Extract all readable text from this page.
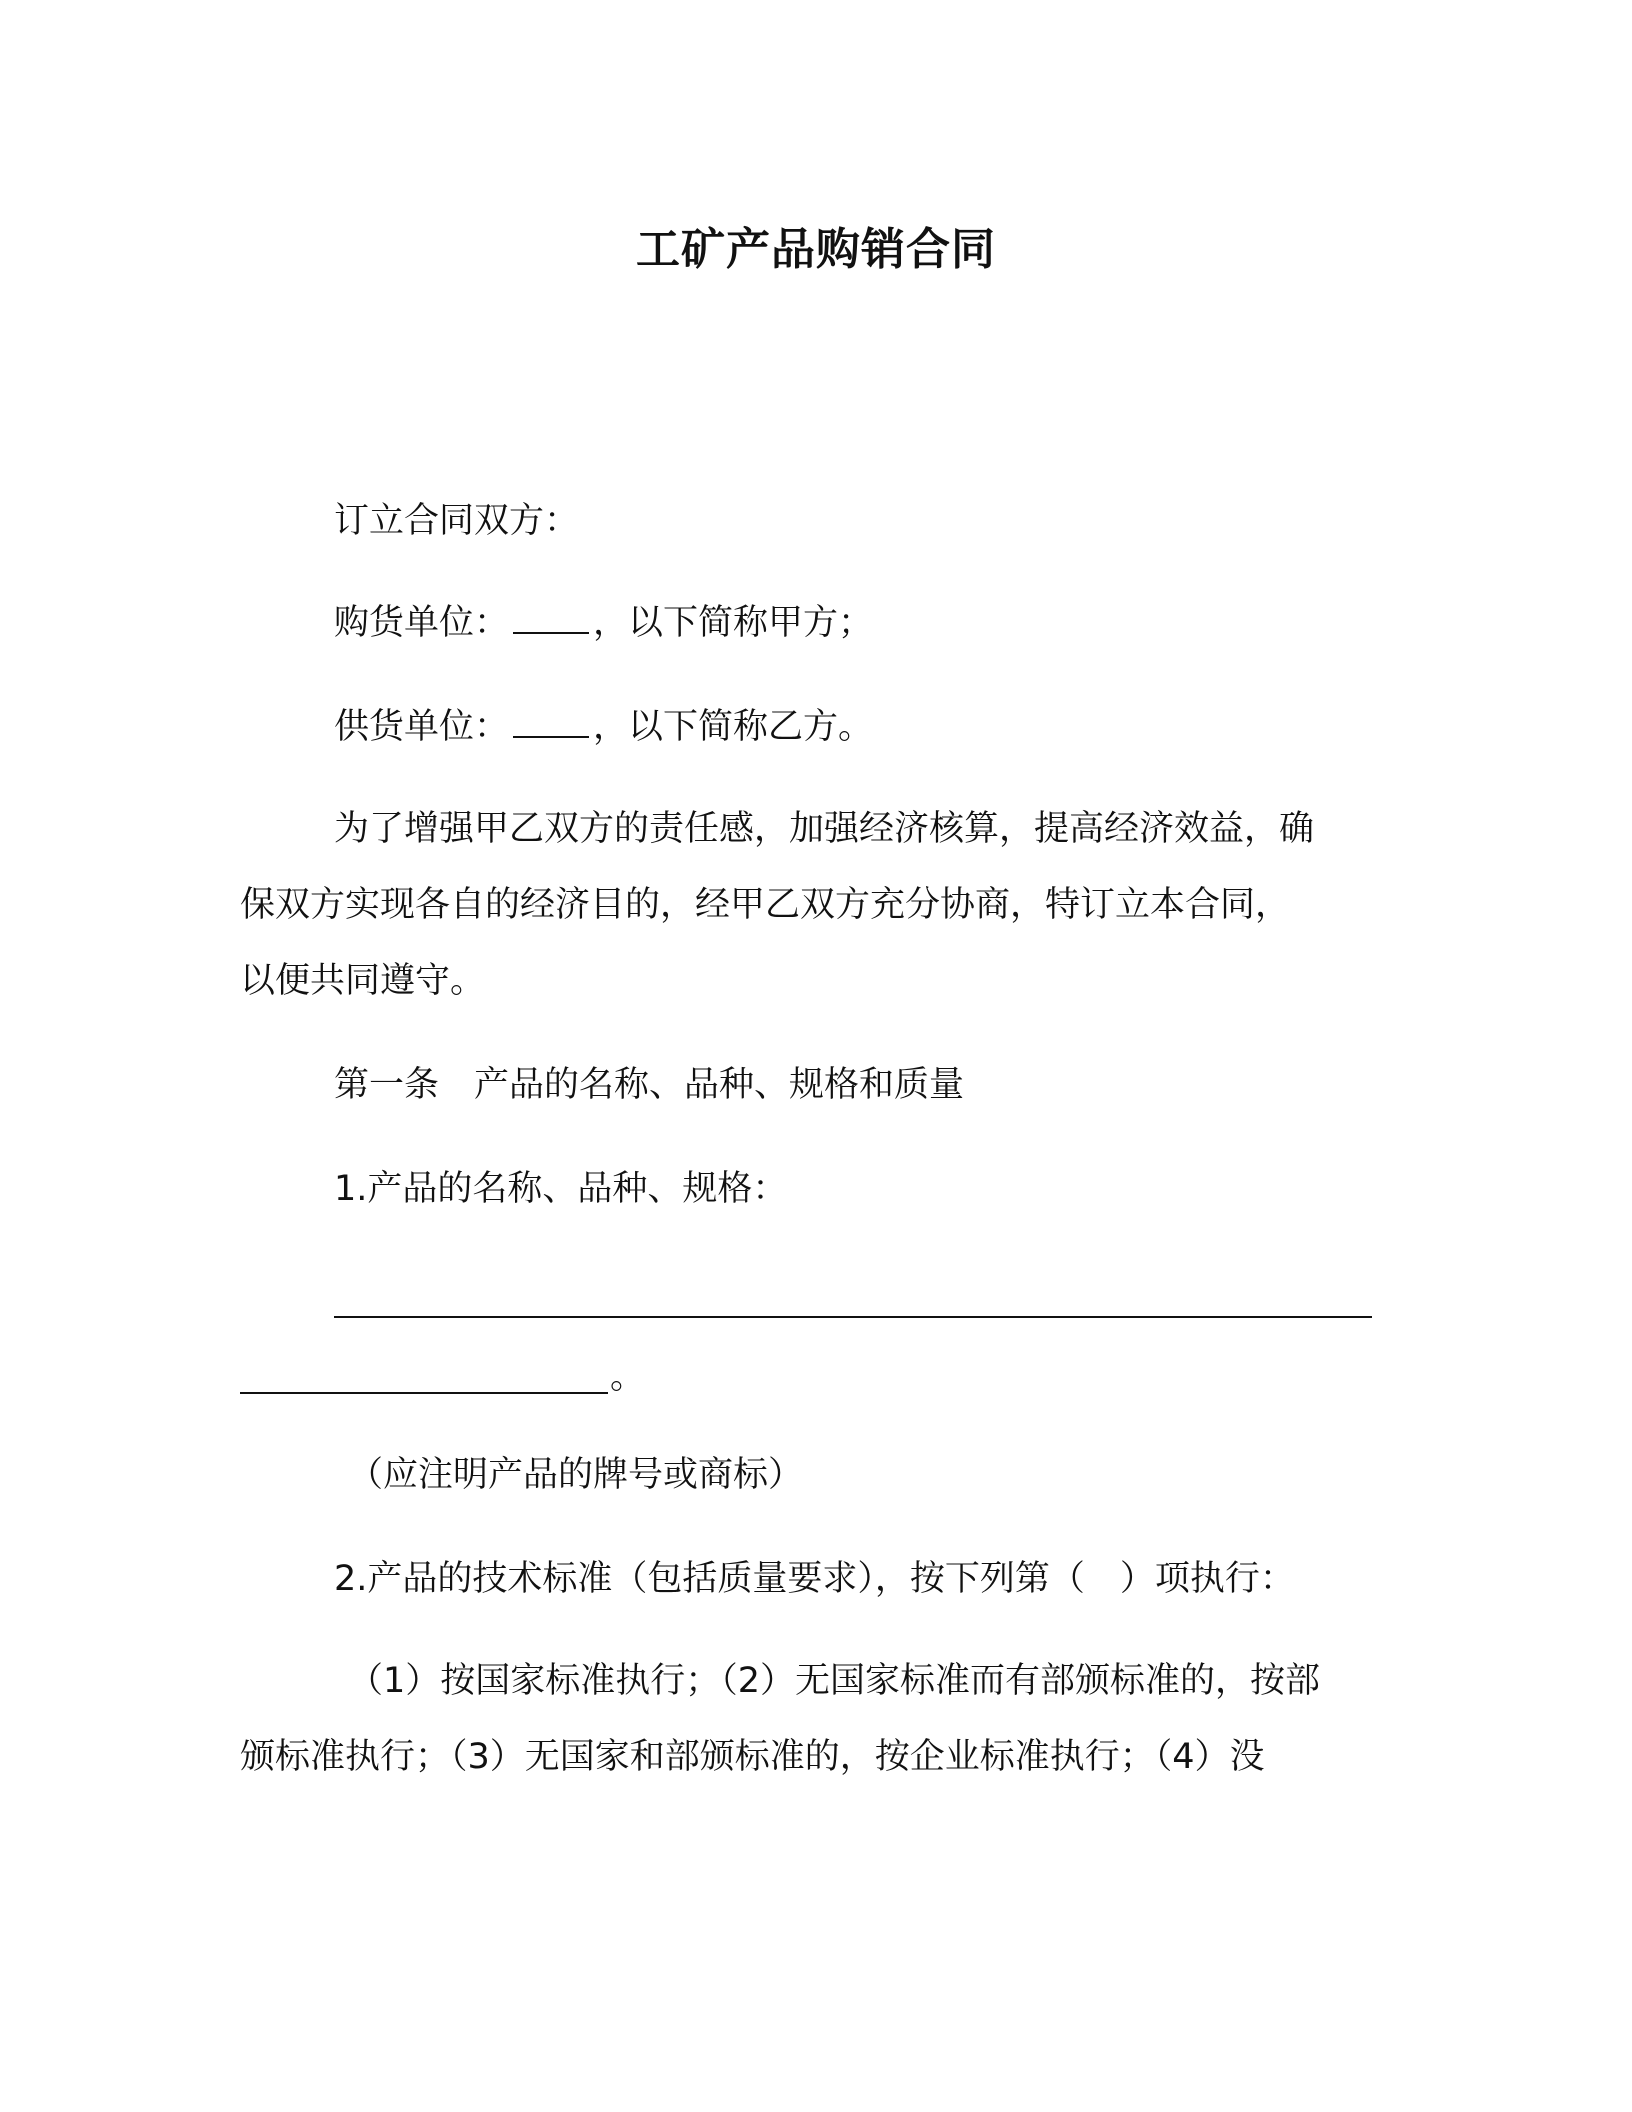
工矿产品购销合同
订立合同双方：
购货单位： ，以下简称甲方；
供货单位： ，以下简称乙方。
为了增强甲乙双方的责任感，加强经济核算，提高经济效益，确
保双方实现各自的经济目的，经甲乙双方充分协商，特订立本合同，
以便共同遵守。
第一条　产品的名称、品种、规格和质量
1.产品的名称、品种、规格：
。
（应注明产品的牌号或商标）
2.产品的技术标准（包括质量要求），按下列第（　）项执行：
（1）按国家标准执行；（2）无国家标准而有部颁标准的，按部
颁标准执行；（3）无国家和部颁标准的，按企业标准执行；（4）没
